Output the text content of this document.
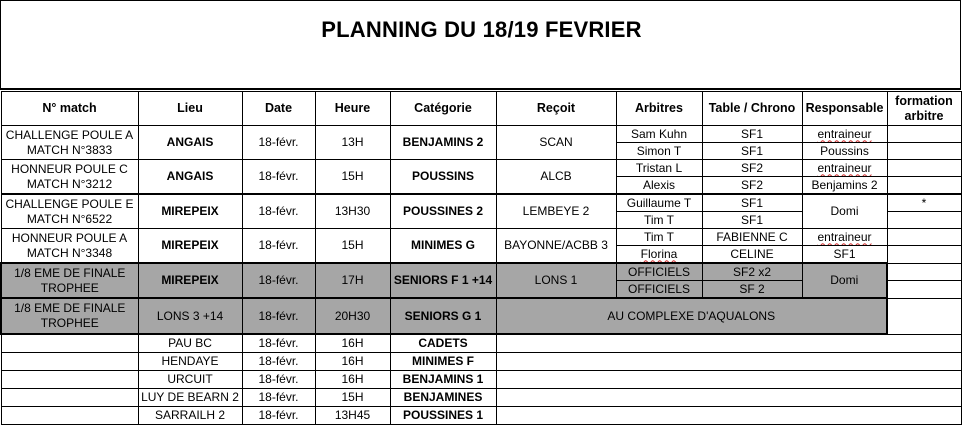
PLANNING DU 18/19 FEVRIER
N° match	Lieu	Date	Heure	Catégorie	Reçoit	Arbitres	Table / Chrono	Responsable	formation
arbitre
CHALLENGE POULE A
MATCH N°3833	ANGAIS	18-févr.	13H	BENJAMINS 2	SCAN	Sam Kuhn	SF1	entraineur	
						Simon T	SF1	Poussins	
HONNEUR POULE C
MATCH N°3212	ANGAIS	18-févr.	15H	POUSSINS	ALCB	Tristan L	SF2	entraineur	
						Alexis	SF2	Benjamins 2	
CHALLENGE POULE E
MATCH N°6522	MIREPEIX	18-févr.	13H30	POUSSINES 2	LEMBEYE 2	Guillaume T	SF1	Domi	*
						Tim T	SF1		
HONNEUR POULE A
MATCH N°3348	MIREPEIX	18-févr.	15H	MINIMES G	BAYONNE/ACBB 3	Tim T	FABIENNE C	entraineur	
						Florina	CELINE	SF1	
1/8 EME DE FINALE
TROPHEE	MIREPEIX	18-févr.	17H	SENIORS F 1 +14	LONS 1	OFFICIELS	SF2 x2	Domi	
						OFFICIELS	SF 2		
1/8 EME DE FINALE
TROPHEE	LONS 3 +14	18-févr.	20H30	SENIORS G 1	AU COMPLEXE D'AQUALONS				
	PAU BC	18-févr.	16H	CADETS					
	HENDAYE	18-févr.	16H	MINIMES F					
	URCUIT	18-févr.	16H	BENJAMINS 1					
	LUY DE BEARN 2	18-févr.	15H	BENJAMINES					
	SARRAILH 2	18-févr.	13H45	POUSSINES 1					
